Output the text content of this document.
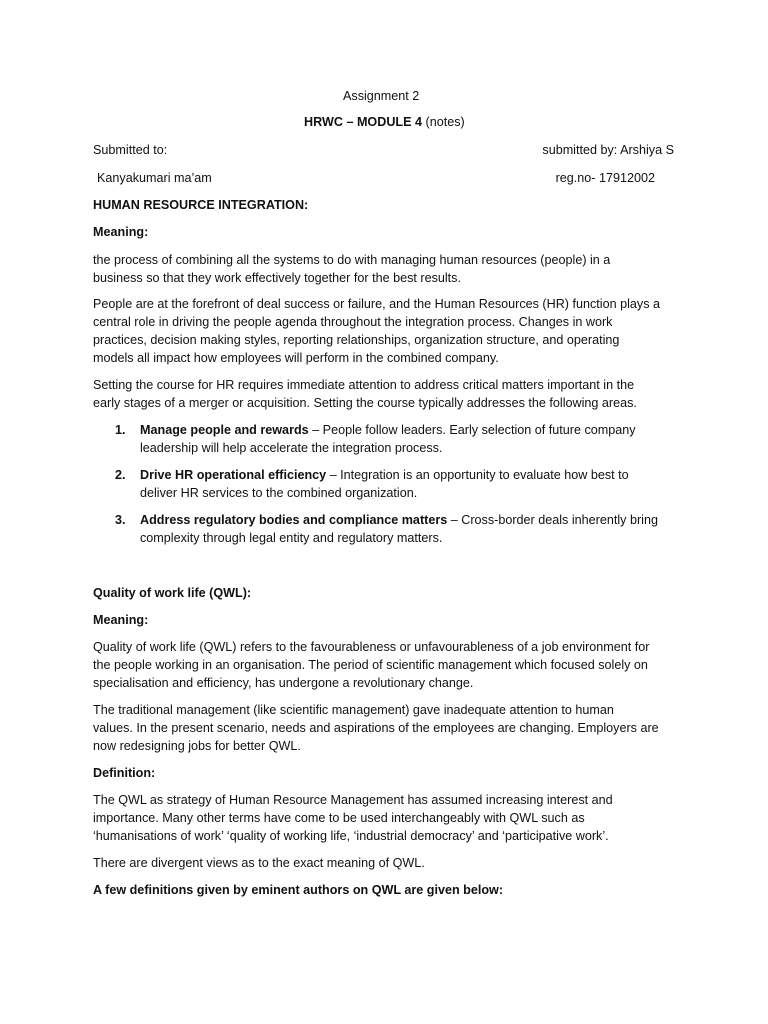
Assignment 2

HRWC – MODULE 4 (notes)

Submitted to:	submitted by: Arshiya S

Kanyakumari ma’am	reg.no- 17912002

HUMAN RESOURCE INTEGRATION:

Meaning:

the process of combining all the systems to do with managing human resources (people) in a
business so that they work effectively together for the best results.
People are at the forefront of deal success or failure, and the Human Resources (HR) function plays a
central role in driving the people agenda throughout the integration process. Changes in work
practices, decision making styles, reporting relationships, organization structure, and operating
models all impact how employees will perform in the combined company.
Setting the course for HR requires immediate attention to address critical matters important in the
early stages of a merger or acquisition. Setting the course typically addresses the following areas.

1. Manage people and rewards – People follow leaders. Early selection of future company
leadership will help accelerate the integration process.

2. Drive HR operational efficiency – Integration is an opportunity to evaluate how best to
deliver HR services to the combined organization.

3. Address regulatory bodies and compliance matters – Cross-border deals inherently bring
complexity through legal entity and regulatory matters.

Quality of work life (QWL):

Meaning:

Quality of work life (QWL) refers to the favourableness or unfavourableness of a job environment for
the people working in an organisation. The period of scientific management which focused solely on
specialisation and efficiency, has undergone a revolutionary change.
The traditional management (like scientific management) gave inadequate attention to human
values. In the present scenario, needs and aspirations of the employees are changing. Employers are
now redesigning jobs for better QWL.

Definition:

The QWL as strategy of Human Resource Management has assumed increasing interest and
importance. Many other terms have come to be used interchangeably with QWL such as
‘humanisations of work’ ‘quality of working life, ‘industrial democracy’ and ‘participative work’.

There are divergent views as to the exact meaning of QWL.

A few definitions given by eminent authors on QWL are given below:
